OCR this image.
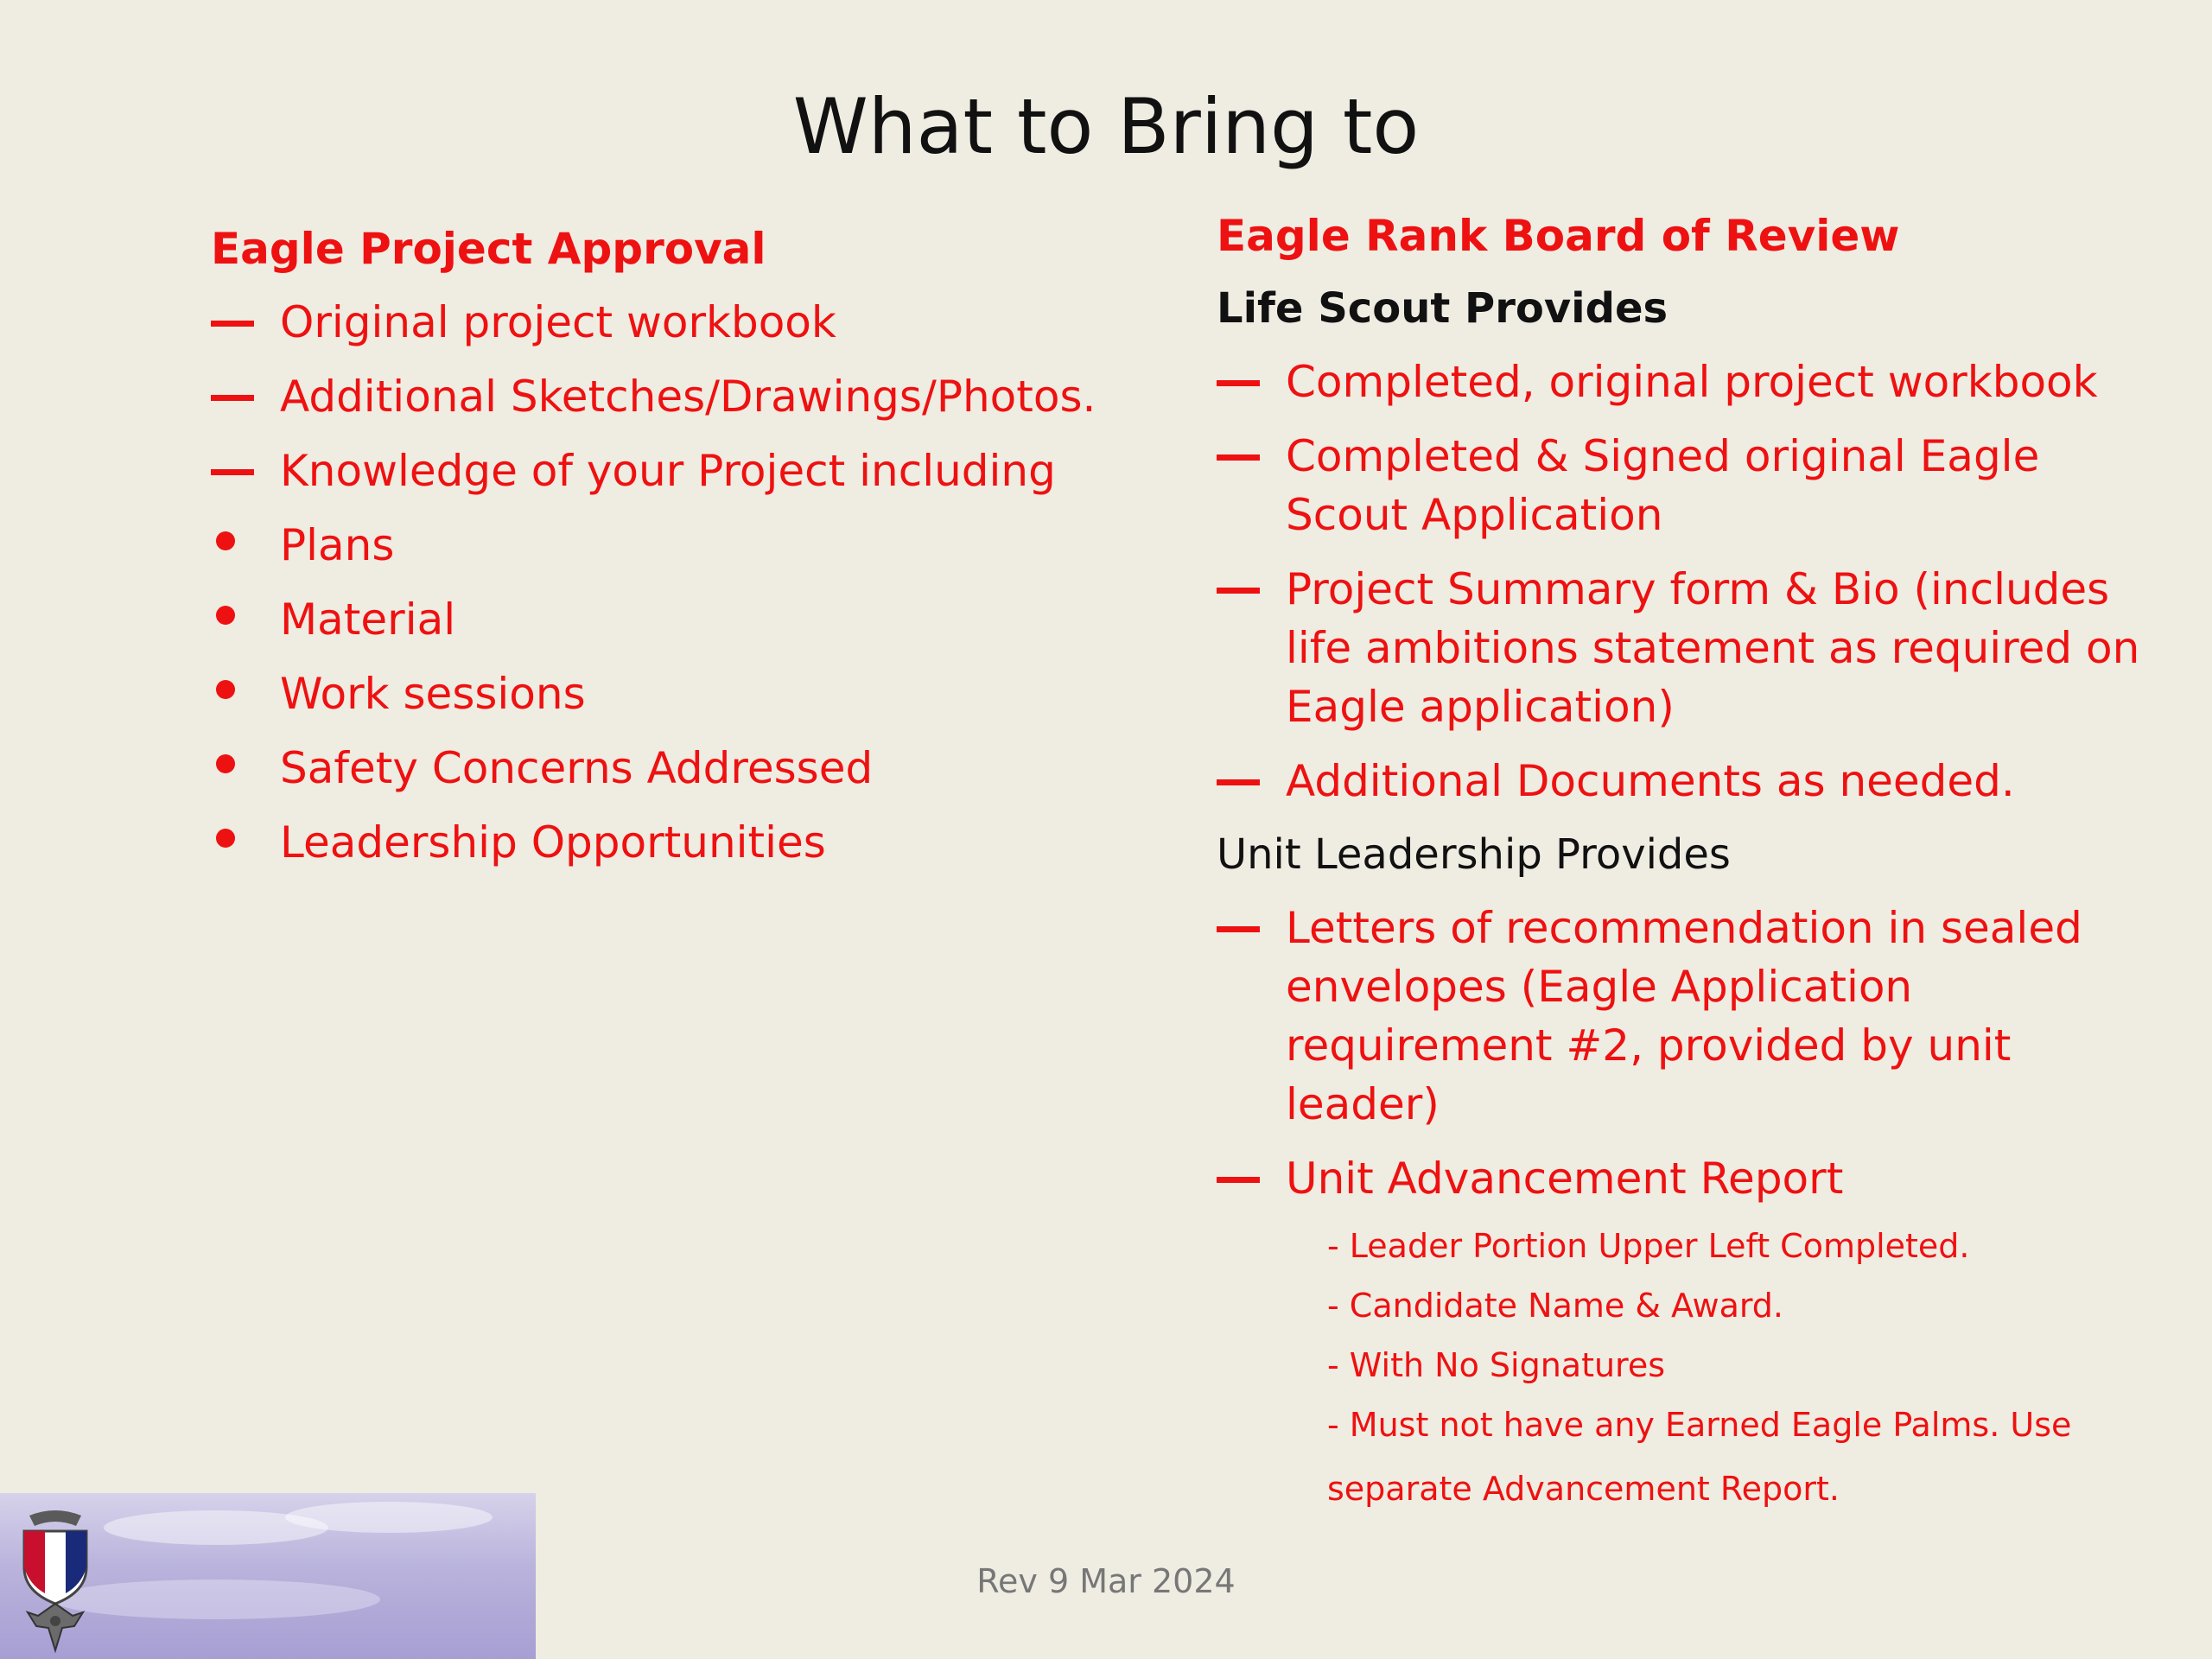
What to Bring to
Eagle Project Approval
Original project workbook
Additional Sketches/Drawings/Photos.
Knowledge of your Project including
Plans
Material
Work sessions
Safety Concerns Addressed
Leadership Opportunities
Eagle Rank Board of Review
Life Scout Provides
Completed, original project workbook
Completed & Signed original Eagle Scout Application
Project Summary form & Bio (includes life ambitions statement as required on Eagle application)
Additional Documents as needed.
Unit Leadership Provides
Letters of recommendation in sealed envelopes (Eagle Application requirement #2, provided by unit leader)
Unit Advancement Report
- Leader Portion Upper Left Completed.
- Candidate Name & Award.
- With No Signatures
- Must not have any Earned Eagle Palms. Use
separate Advancement Report.
Rev 9 Mar 2024
